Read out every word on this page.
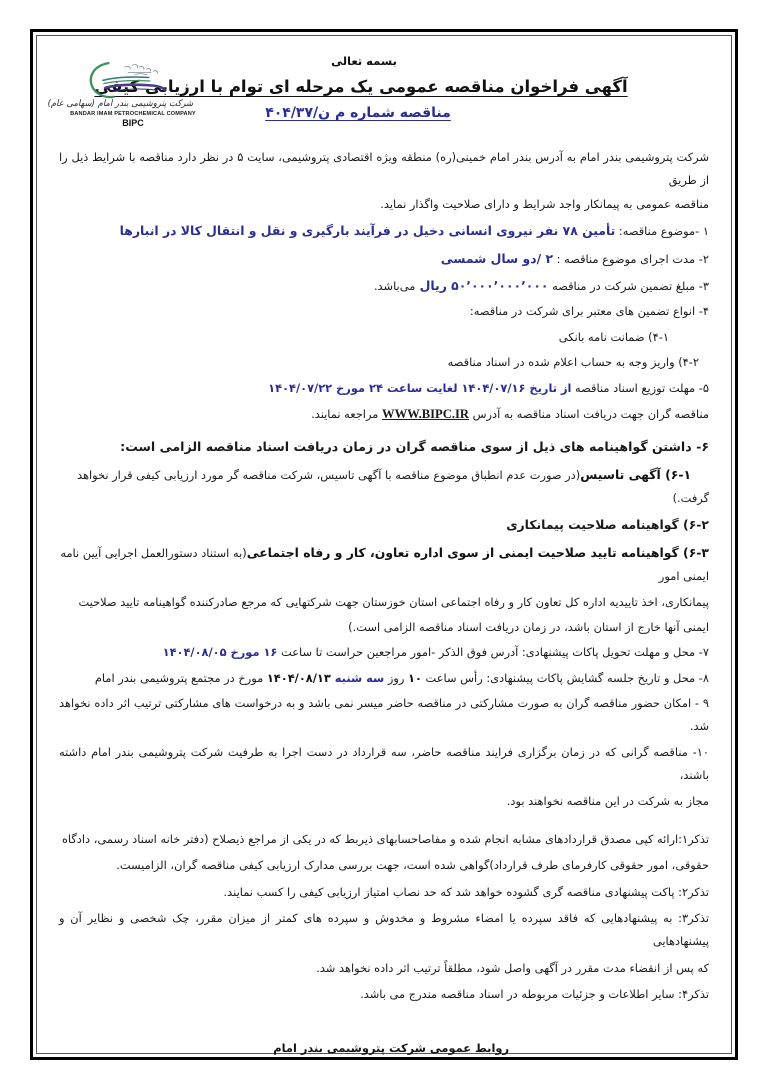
شرکت پتروشیمی بندر امام (سهامی عام)
BANDAR IMAM PETROCHEMICAL COMPANY
BIPC
بسمه تعالی
آگهی فراخوان مناقصه عمومی یک مرحله ای توام با ارزیابی کیفی
مناقصه شماره م ن/۴۰۴/۳۷

شرکت پتروشیمی بندر امام به آدرس بندر امام خمینی(ره) منطقه ویژه اقتصادی پتروشیمی، سایت ۵ در نظر دارد مناقصه با شرایط ذیل را از طریق

مناقصه عمومی به پیمانکار واجد شرایط و دارای صلاحیت واگذار نماید.

۱ -موضوع مناقصه: تأمین ۷۸ نفر نیروی انسانی دخیل در فرآیند بارگیری و نقل و انتقال کالا در انبارها

۲- مدت اجرای موضوع مناقصه : ۲ /دو سال شمسی

۳- مبلغ تضمین شرکت در مناقصه ۵۰٬۰۰۰٬۰۰۰٬۰۰۰ ریال می‌باشد.

۴- انواع تضمین های معتبر برای شرکت در مناقصه:

۴-۱) ضمانت نامه بانکی

۴-۲) واریز وجه به حساب اعلام شده در اسناد مناقصه

۵- مهلت توزیع اسناد مناقصه از تاریخ ۱۴۰۴/۰۷/۱۶ لغایت ساعت ۲۴ مورخ ۱۴۰۴/۰۷/۲۲

مناقصه گران جهت دریافت اسناد مناقصه به آدرس WWW.BIPC.IR مراجعه نمایند.

۶- داشتن گواهینامه های ذیل از سوی مناقصه گران در زمان دریافت اسناد مناقصه الزامی است:

۶-۱) آگهی تاسیس(در صورت عدم انطباق موضوع مناقصه با آگهی تاسیس، شرکت مناقصه گر مورد ارزیابی کیفی قرار نخواهد گرفت.)

۶-۲) گواهینامه صلاحیت پیمانکاری

۶-۳) گواهینامه تایید صلاحیت ایمنی از سوی اداره تعاون، کار و رفاه اجتماعی(به استناد دستورالعمل اجرایی آیین نامه ایمنی امور

پیمانکاری، اخذ تاییدیه اداره کل تعاون کار و رفاه اجتماعی استان خوزستان جهت شرکتهایی که مرجع صادرکننده گواهینامه تایید صلاحیت

ایمنی آنها خارج از استان باشد، در زمان دریافت اسناد مناقصه الزامی است.)

۷- محل و مهلت تحویل پاکات پیشنهادی: آدرس فوق الذکر -امور مراجعین حراست تا ساعت ۱۶ مورخ ۱۴۰۴/۰۸/۰۵

۸- محل و تاریخ جلسه گشایش پاکات پیشنهادی: رأس ساعت ۱۰ روز سه شنبه ۱۴۰۴/۰۸/۱۳ مورخ در مجتمع پتروشیمی بندر امام

۹ - امکان حضور مناقصه گران به صورت مشارکتی در مناقصه حاضر میسر نمی باشد و به درخواست های مشارکتی ترتیب اثر داده نخواهد شد.

۱۰- مناقصه گرانی که در زمان برگزاری فرایند مناقصه حاضر، سه قرارداد در دست اجرا به طرفیت شرکت پتروشیمی بندر امام داشته باشند،

مجاز به شرکت در این مناقصه نخواهند بود.

تذکر۱:ارائه کپی مصدق قراردادهای مشابه انجام شده و مفاصاحسابهای ذیربط که در یکی از مراجع ذیصلاح (دفتر خانه اسناد رسمی، دادگاه

حقوقی، امور حقوقی کارفرمای طرف قرارداد)گواهی شده است، جهت بررسی مدارک ارزیابی کیفی مناقصه گران، الزامیست.

تذکر۲: پاکت پیشنهادی مناقصه گری گشوده خواهد شد که حد نصاب امتیاز ارزیابی کیفی را کسب نمایند.

تذکر۳: به پیشنهادهایی که فاقد سپرده یا امضاء مشروط و مخدوش و سپرده های کمتر از میزان مقرر، چک شخصی و نظایر آن و پیشنهادهایی

که پس از انقضاء مدت مقرر در آگهی واصل شود، مطلقاً ترتیب اثر داده نخواهد شد.

تذکر۴: سایر اطلاعات و جزئیات مربوطه در اسناد مناقصه مندرج می باشد.

روابط عمومی شرکت پتروشیمی بندر امام
